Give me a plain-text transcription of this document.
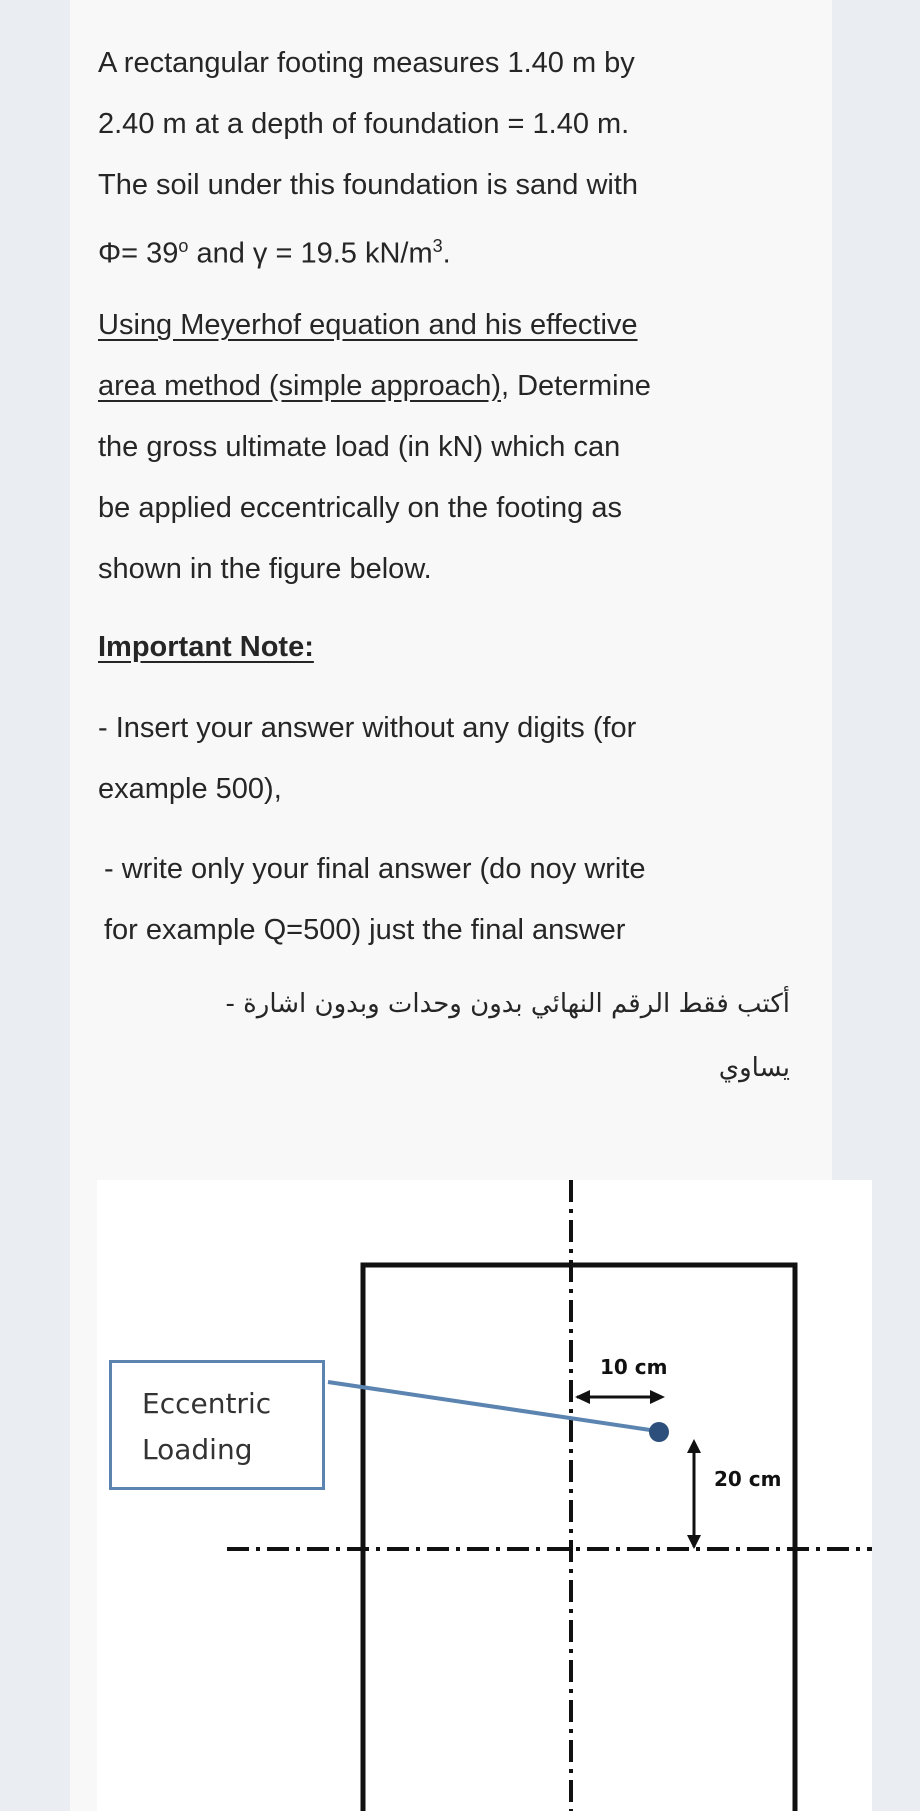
A rectangular footing measures 1.40 m by

2.40 m at a depth of foundation = 1.40 m.

The soil under this foundation is sand with

$\Phi= 39^o$ and γ = 19.5 $kN/m^3$.

Using Meyerhof equation and his effective

area method (simple approach), Determine

the gross ultimate load (in kN) which can

be applied eccentrically on the footing as

shown in the figure below.

Important Note:

- Insert your answer without any digits (for

example 500),

- write only your final answer (do noy write

for example Q=500) just the final answer

أكتب فقط الرقم النهائي بدون وحدات وبدون اشارة -

يساوي

Eccentric
Loading
10 cm
20 cm
